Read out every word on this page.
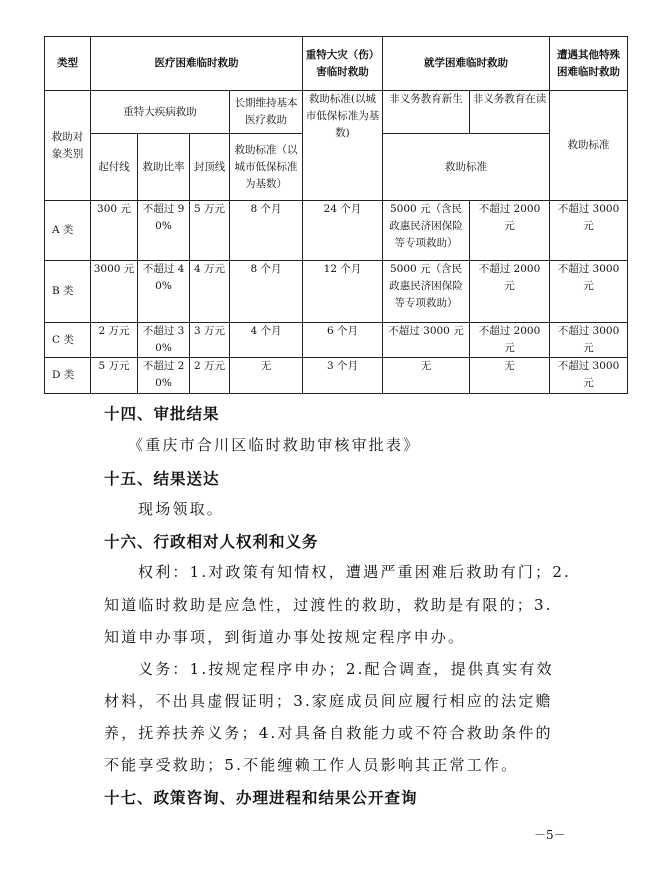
类型	医疗困难临时救助				重特大灾（伤）害临时救助	就学困难临时救助		遭遇其他特殊困难临时救助
救助对象类别	重特大疾病救助			长期维持基本医疗救助	救助标准(以城市低保标准为基数)	非义务教育新生	非义务教育在读	救助标准
	起付线	救助比率	封顶线	救助标准（以城市低保标准为基数）		救助标准		
A 类	300 元	不超过 90%	5 万元	8 个月	24 个月	5000 元（含民政惠民济困保险等专项救助）	不超过 2000 元	不超过 3000 元
B 类	3000 元	不超过 40%	4 万元	8 个月	12 个月	5000 元（含民政惠民济困保险等专项救助）	不超过 2000 元	不超过 3000 元
C 类	2 万元	不超过 30%	3 万元	4 个月	6 个月	不超过 3000 元	不超过 2000 元	不超过 3000 元
D 类	5 万元	不超过 20%	2 万元	无	3 个月	无	无	不超过 3000 元
十四、审批结果
《重庆市合川区临时救助审核审批表》
十五、结果送达
现场领取。
十六、行政相对人权利和义务
权利：1.对政策有知情权，遭遇严重困难后救助有门；2.
知道临时救助是应急性，过渡性的救助，救助是有限的；3.
知道申办事项，到街道办事处按规定程序申办。
义务：1.按规定程序申办；2.配合调查，提供真实有效
材料，不出具虚假证明；3.家庭成员间应履行相应的法定赡
养，抚养扶养义务；4.对具备自救能力或不符合救助条件的
不能享受救助；5.不能缠赖工作人员影响其正常工作。
十七、政策咨询、办理进程和结果公开查询
－5－
